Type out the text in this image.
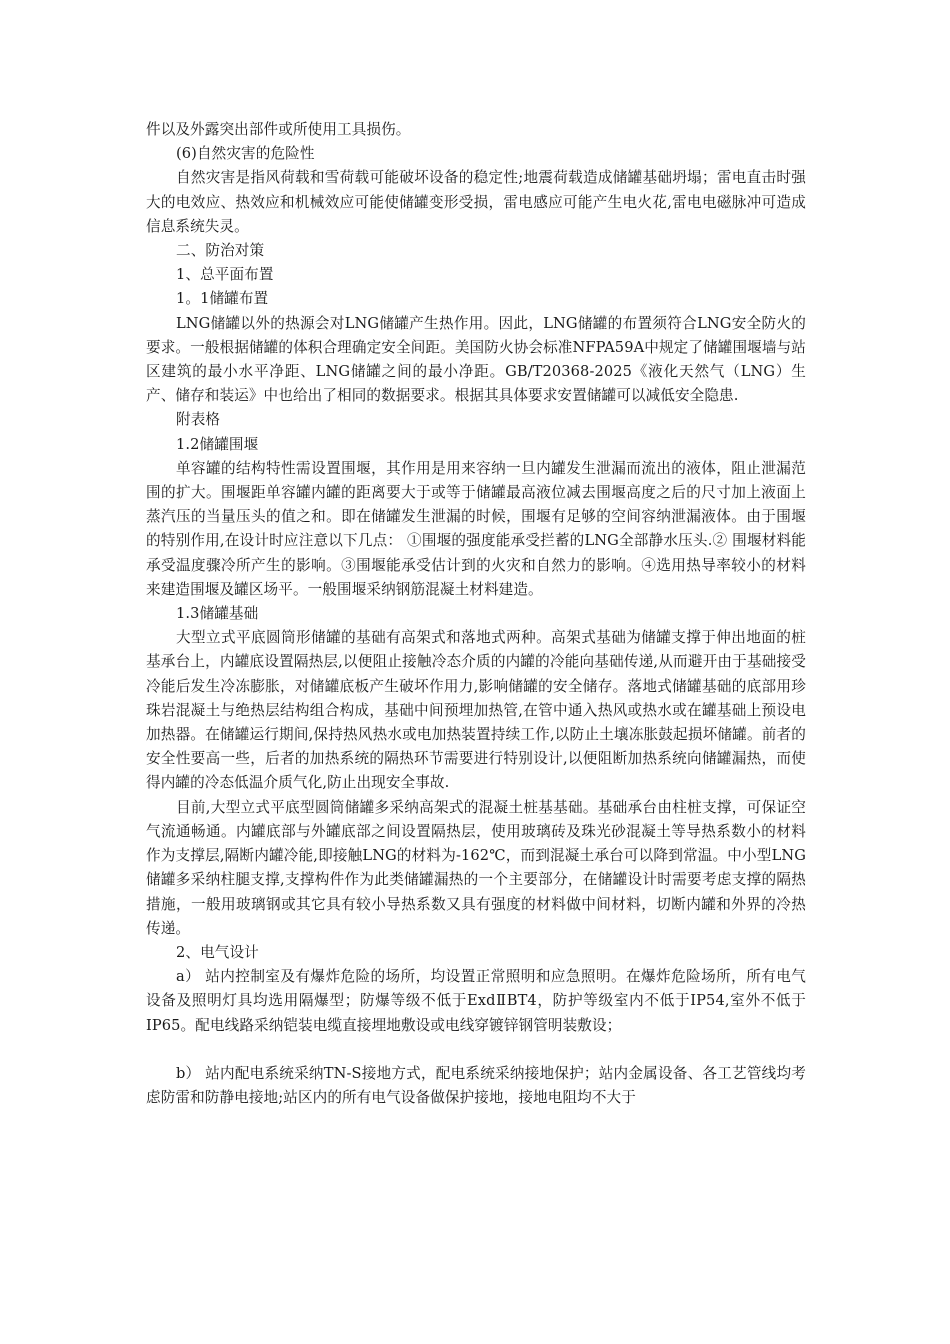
件以及外露突出部件或所使用工具损伤。

(6)自然灾害的危险性

自然灾害是指风荷载和雪荷载可能破坏设备的稳定性;地震荷载造成储罐基础坍塌；雷电直击时强大的电效应、热效应和机械效应可能使储罐变形受损，雷电感应可能产生电火花,雷电电磁脉冲可造成信息系统失灵。

二、防治对策

1、总平面布置

1。1储罐布置

LNG储罐以外的热源会对LNG储罐产生热作用。因此，LNG储罐的布置须符合LNG安全防火的要求。一般根据储罐的体积合理确定安全间距。美国防火协会标准NFPA59A中规定了储罐围堰墙与站区建筑的最小水平净距、LNG储罐之间的最小净距。GB/T20368-2025《液化天然气（LNG）生产、储存和装运》中也给出了相同的数据要求。根据其具体要求安置储罐可以减低安全隐患.

附表格

1.2储罐围堰

单容罐的结构特性需设置围堰，其作用是用来容纳一旦内罐发生泄漏而流出的液体，阻止泄漏范围的扩大。围堰距单容罐内罐的距离要大于或等于储罐最高液位减去围堰高度之后的尺寸加上液面上蒸汽压的当量压头的值之和。即在储罐发生泄漏的时候，围堰有足够的空间容纳泄漏液体。由于围堰的特别作用,在设计时应注意以下几点： ①围堰的强度能承受拦蓄的LNG全部静水压头.② 围堰材料能承受温度骤冷所产生的影响。③围堰能承受估计到的火灾和自然力的影响。④选用热导率较小的材料来建造围堰及罐区场平。一般围堰采纳钢筋混凝土材料建造。

1.3储罐基础

大型立式平底圆筒形储罐的基础有高架式和落地式两种。高架式基础为储罐支撑于伸出地面的桩基承台上，内罐底设置隔热层,以便阻止接触冷态介质的内罐的冷能向基础传递,从而避开由于基础接受冷能后发生冷冻膨胀，对储罐底板产生破坏作用力,影响储罐的安全储存。落地式储罐基础的底部用珍珠岩混凝土与绝热层结构组合构成，基础中间预埋加热管,在管中通入热风或热水或在罐基础上预设电加热器。在储罐运行期间,保持热风热水或电加热装置持续工作,以防止土壤冻胀鼓起损坏储罐。前者的安全性要高一些，后者的加热系统的隔热环节需要进行特别设计,以便阻断加热系统向储罐漏热，而使得内罐的冷态低温介质气化,防止出现安全事故.

目前,大型立式平底型圆筒储罐多采纳高架式的混凝土桩基基础。基础承台由柱桩支撑，可保证空气流通畅通。内罐底部与外罐底部之间设置隔热层，使用玻璃砖及珠光砂混凝土等导热系数小的材料作为支撑层,隔断内罐冷能,即接触LNG的材料为-162℃，而到混凝土承台可以降到常温。中小型LNG储罐多采纳柱腿支撑,支撑构件作为此类储罐漏热的一个主要部分，在储罐设计时需要考虑支撑的隔热措施，一般用玻璃钢或其它具有较小导热系数又具有强度的材料做中间材料，切断内罐和外界的冷热传递。

2、电气设计

a） 站内控制室及有爆炸危险的场所，均设置正常照明和应急照明。在爆炸危险场所，所有电气设备及照明灯具均选用隔爆型；防爆等级不低于ExdⅡBT4，防护等级室内不低于IP54,室外不低于IP65。配电线路采纳铠装电缆直接埋地敷设或电线穿镀锌钢管明装敷设；

b） 站内配电系统采纳TN-S接地方式，配电系统采纳接地保护；站内金属设备、各工艺管线均考虑防雷和防静电接地;站区内的所有电气设备做保护接地，接地电阻均不大于
